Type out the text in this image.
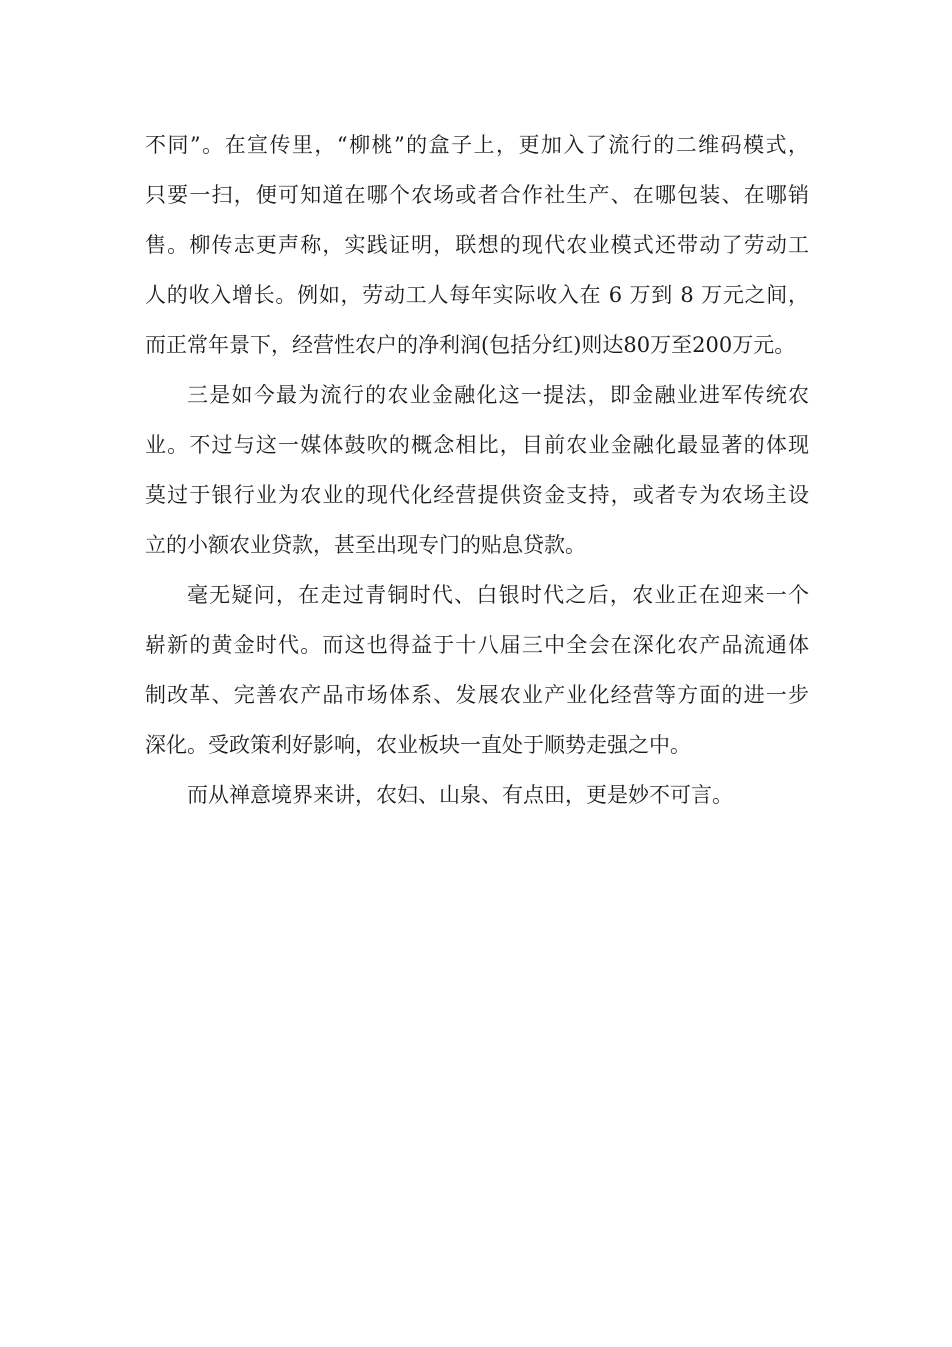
不同”。在宣传里，“柳桃”的盒子上，更加入了流行的二维码模式，
只要一扫，便可知道在哪个农场或者合作社生产、在哪包装、在哪销
售。柳传志更声称，实践证明，联想的现代农业模式还带动了劳动工
人的收入增长。例如，劳动工人每年实际收入在 6 万到 8 万元之间，
而正常年景下，经营性农户的净利润(包括分红)则达80万至200万元。
三是如今最为流行的农业金融化这一提法，即金融业进军传统农
业。不过与这一媒体鼓吹的概念相比，目前农业金融化最显著的体现
莫过于银行业为农业的现代化经营提供资金支持，或者专为农场主设
立的小额农业贷款，甚至出现专门的贴息贷款。
毫无疑问，在走过青铜时代、白银时代之后，农业正在迎来一个
崭新的黄金时代。而这也得益于十八届三中全会在深化农产品流通体
制改革、完善农产品市场体系、发展农业产业化经营等方面的进一步
深化。受政策利好影响，农业板块一直处于顺势走强之中。
而从禅意境界来讲，农妇、山泉、有点田，更是妙不可言。
